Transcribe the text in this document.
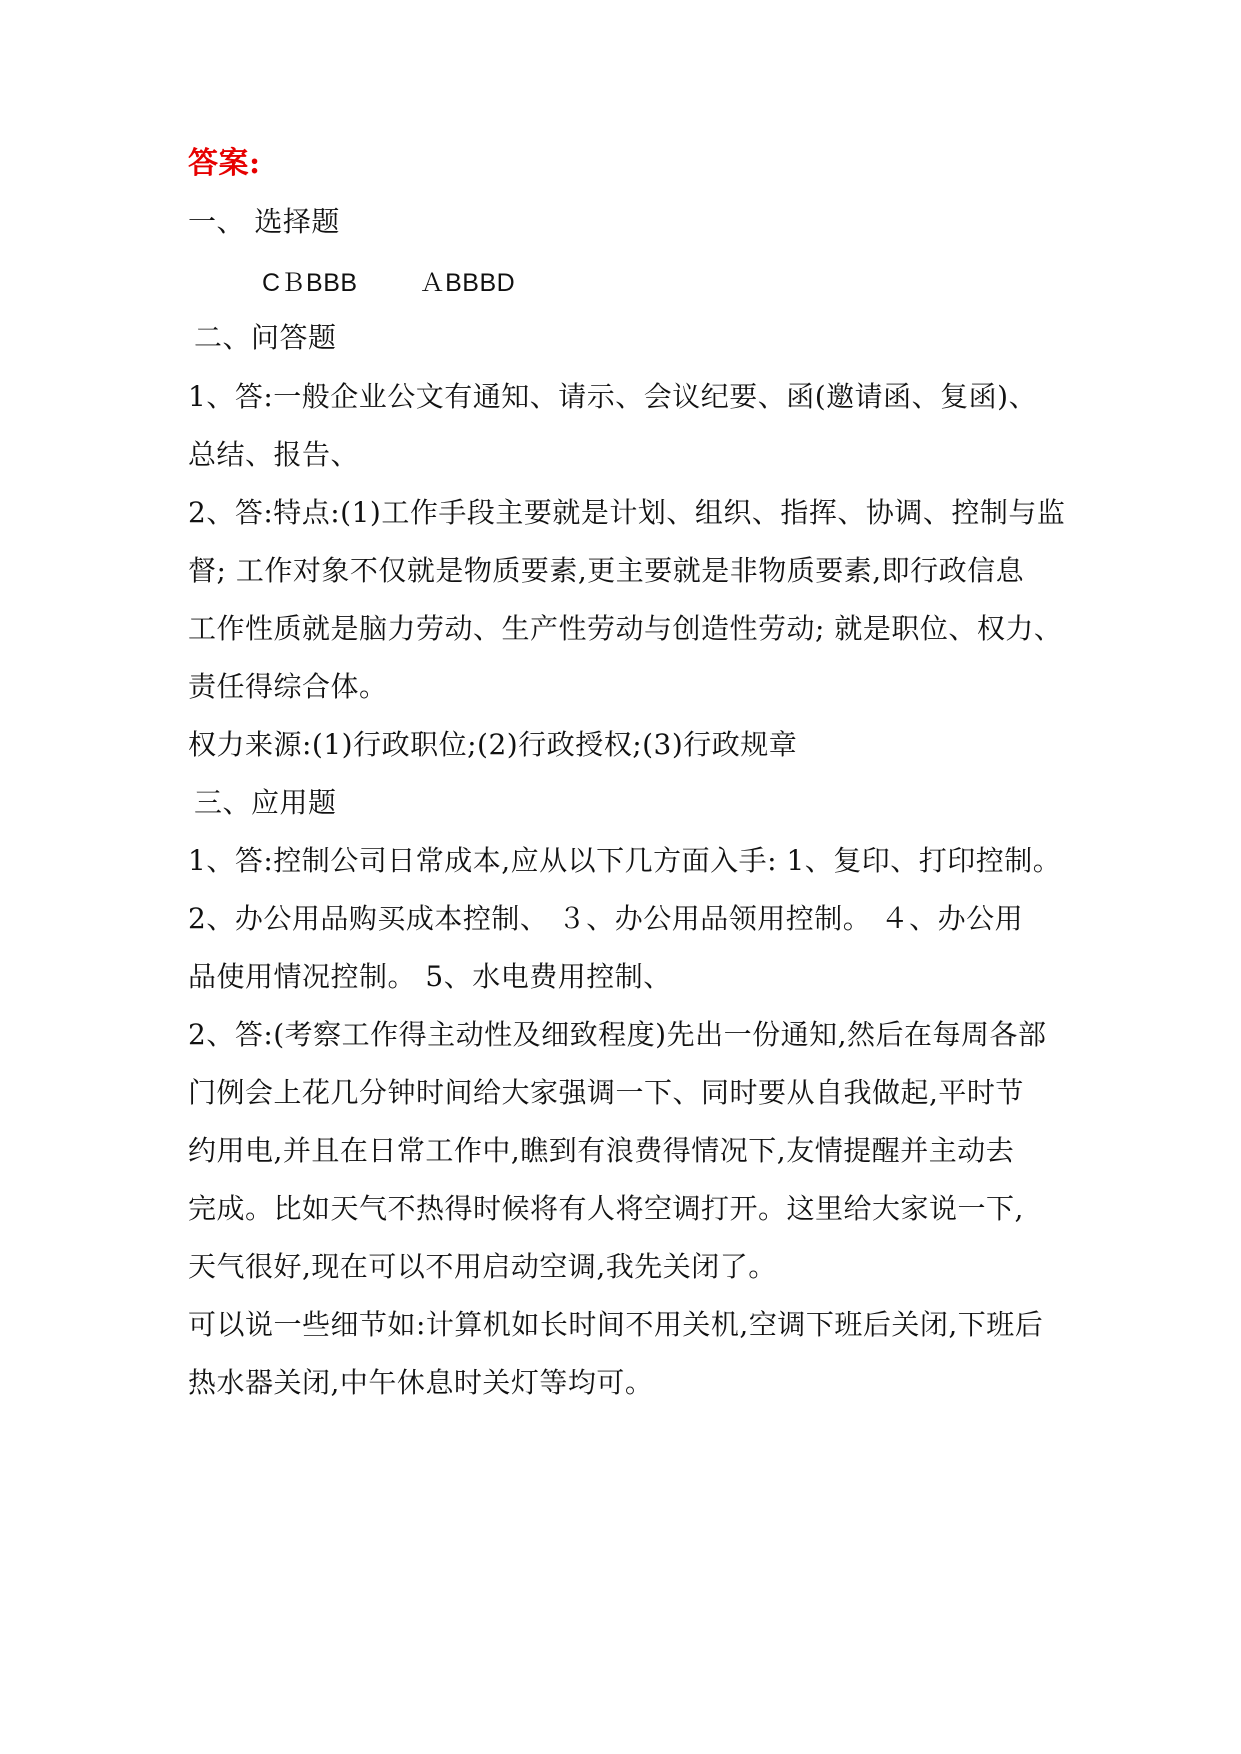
答案:
一、 选择题
CＢBBB ＡBBBD
二、问答题
1、答:一般企业公文有通知、请示、会议纪要、函(邀请函、复函)、
总结、报告、
2、答:特点:(1)工作手段主要就是计划、组织、指挥、协调、控制与监
督; 工作对象不仅就是物质要素,更主要就是非物质要素,即行政信息
工作性质就是脑力劳动、生产性劳动与创造性劳动; 就是职位、权力、
责任得综合体。
权力来源:(1)行政职位;(2)行政授权;(3)行政规章
三、应用题
1、答:控制公司日常成本,应从以下几方面入手: 1、复印、打印控制。
2、办公用品购买成本控制、 ３、办公用品领用控制。 ４、办公用
品使用情况控制。 5、水电费用控制、
2、答:(考察工作得主动性及细致程度)先出一份通知,然后在每周各部
门例会上花几分钟时间给大家强调一下、同时要从自我做起,平时节
约用电,并且在日常工作中,瞧到有浪费得情况下,友情提醒并主动去
完成。比如天气不热得时候将有人将空调打开。这里给大家说一下,
天气很好,现在可以不用启动空调,我先关闭了。
可以说一些细节如:计算机如长时间不用关机,空调下班后关闭,下班后
热水器关闭,中午休息时关灯等均可。
